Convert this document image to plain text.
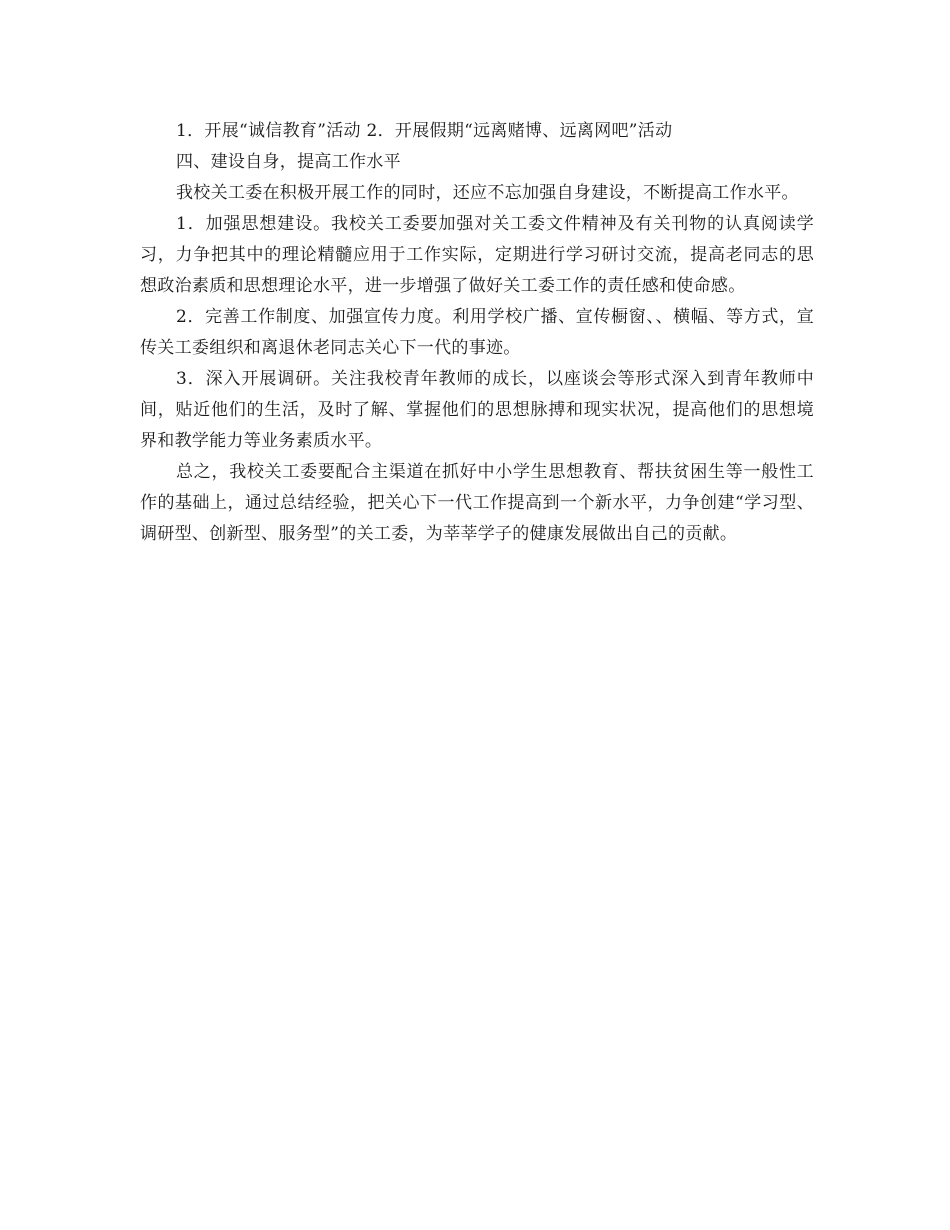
1．开展“诚信教育”活动 2．开展假期“远离赌博、远离网吧”活动

四、建设自身，提高工作水平

我校关工委在积极开展工作的同时，还应不忘加强自身建设，不断提高工作水平。

1．加强思想建设。我校关工委要加强对关工委文件精神及有关刊物的认真阅读学习，力争把其中的理论精髓应用于工作实际，定期进行学习研讨交流，提高老同志的思想政治素质和思想理论水平，进一步增强了做好关工委工作的责任感和使命感。

2．完善工作制度、加强宣传力度。利用学校广播、宣传橱窗、、横幅、等方式，宣传关工委组织和离退休老同志关心下一代的事迹。

3．深入开展调研。关注我校青年教师的成长，以座谈会等形式深入到青年教师中间，贴近他们的生活，及时了解、掌握他们的思想脉搏和现实状况，提高他们的思想境界和教学能力等业务素质水平。

总之，我校关工委要配合主渠道在抓好中小学生思想教育、帮扶贫困生等一般性工作的基础上，通过总结经验，把关心下一代工作提高到一个新水平，力争创建“学习型、调研型、创新型、服务型”的关工委，为莘莘学子的健康发展做出自己的贡献。
